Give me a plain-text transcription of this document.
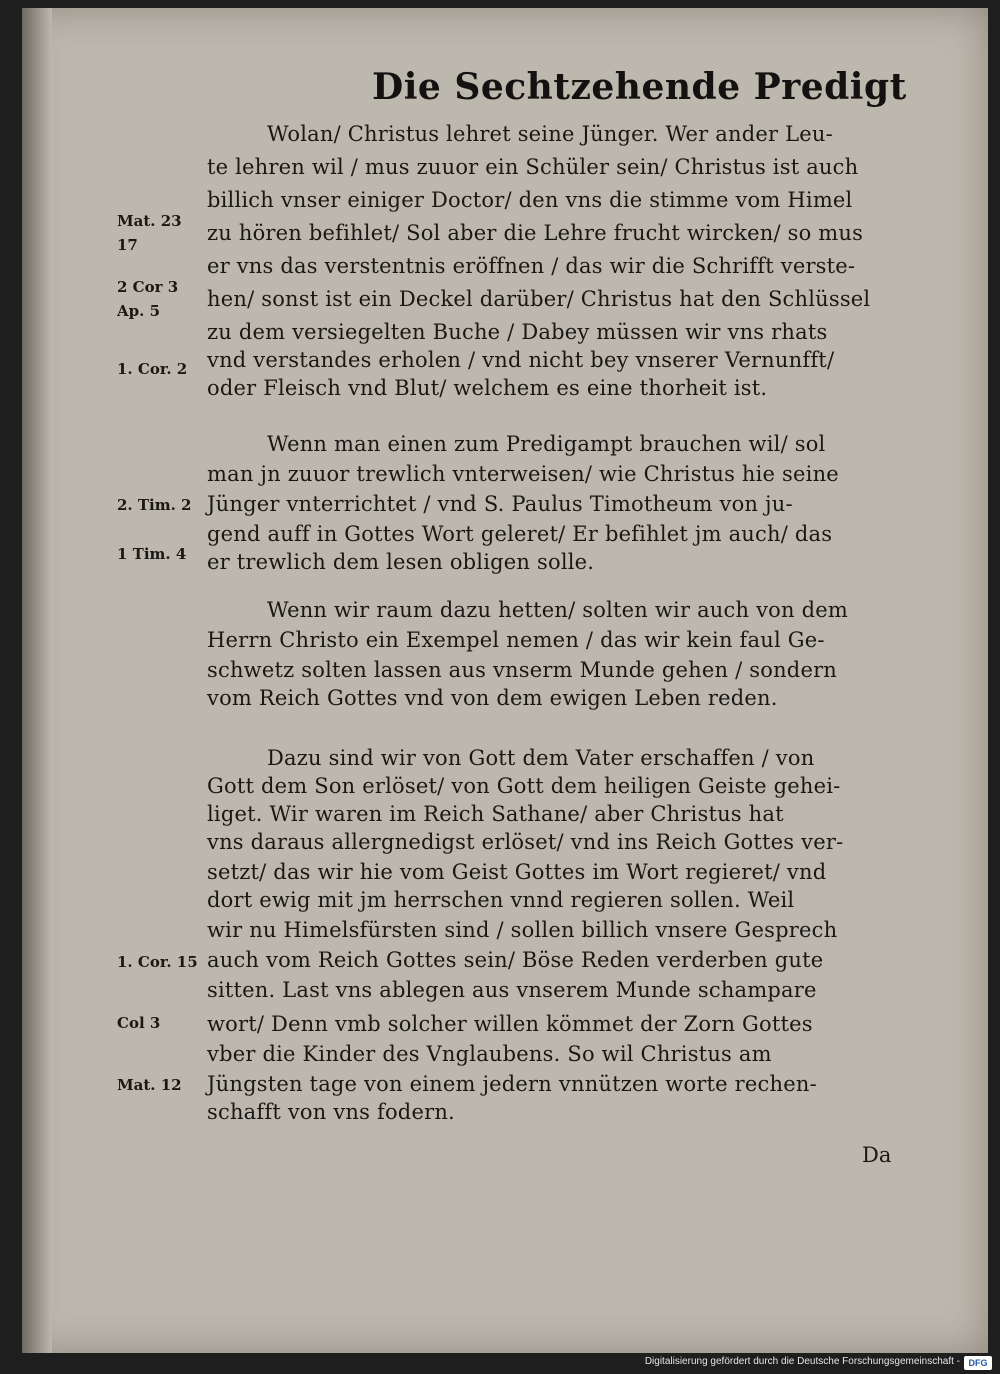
Die Sechtzehende Predigt

Wolan/ Christus lehret seine Jünger. Wer ander Leu-

te lehren wil / mus zuuor ein Schüler sein/ Christus ist auch

billich vnser einiger Doctor/ den vns die stimme vom Himel

zu hören befihlet/ Sol aber die Lehre frucht wircken/ so mus

er vns das verstentnis eröffnen / das wir die Schrifft verste-

hen/ sonst ist ein Deckel darüber/ Christus hat den Schlüssel

zu dem versiegelten Buche / Dabey müssen wir vns rhats

vnd verstandes erholen / vnd nicht bey vnserer Vernunfft/

oder Fleisch vnd Blut/ welchem es eine thorheit ist.

Wenn man einen zum Predigampt brauchen wil/ sol

man jn zuuor trewlich vnterweisen/ wie Christus hie seine

Jünger vnterrichtet / vnd S. Paulus Timotheum von ju-

gend auff in Gottes Wort geleret/ Er befihlet jm auch/ das

er trewlich dem lesen obligen solle.

Wenn wir raum dazu hetten/ solten wir auch von dem

Herrn Christo ein Exempel nemen / das wir kein faul Ge-

schwetz solten lassen aus vnserm Munde gehen / sondern

vom Reich Gottes vnd von dem ewigen Leben reden.

Dazu sind wir von Gott dem Vater erschaffen / von

Gott dem Son erlöset/ von Gott dem heiligen Geiste gehei-

liget. Wir waren im Reich Sathane/ aber Christus hat

vns daraus allergnedigst erlöset/ vnd ins Reich Gottes ver-

setzt/ das wir hie vom Geist Gottes im Wort regieret/ vnd

dort ewig mit jm herrschen vnnd regieren sollen. Weil

wir nu Himelsfürsten sind / sollen billich vnsere Gesprech

auch vom Reich Gottes sein/ Böse Reden verderben gute

sitten. Last vns ablegen aus vnserem Munde schampare

wort/ Denn vmb solcher willen kömmet der Zorn Gottes

vber die Kinder des Vnglaubens. So wil Christus am

Jüngsten tage von einem jedern vnnützen worte rechen-

schafft von vns fodern.

Mat. 23

17

2 Cor 3

Ap. 5

1. Cor. 2

2. Tim. 2

1 Tim. 4

1. Cor. 15

Col 3

Mat. 12

Da

Digitalisierung gefördert durch die Deutsche Forschungsgemeinschaft - DFG
